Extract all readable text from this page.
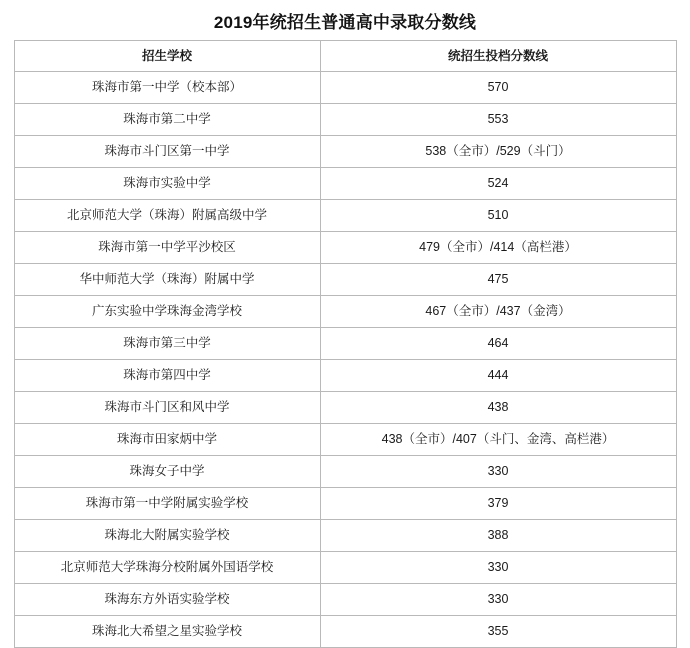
2019年统招生普通高中录取分数线
招生学校	统招生投档分数线
珠海市第一中学（校本部）	570
珠海市第二中学	553
珠海市斗门区第一中学	538（全市）/529（斗门）
珠海市实验中学	524
北京师范大学（珠海）附属高级中学	510
珠海市第一中学平沙校区	479（全市）/414（高栏港）
华中师范大学（珠海）附属中学	475
广东实验中学珠海金湾学校	467（全市）/437（金湾）
珠海市第三中学	464
珠海市第四中学	444
珠海市斗门区和风中学	438
珠海市田家炳中学	438（全市）/407（斗门、金湾、高栏港）
珠海女子中学	330
珠海市第一中学附属实验学校	379
珠海北大附属实验学校	388
北京师范大学珠海分校附属外国语学校	330
珠海东方外语实验学校	330
珠海北大希望之星实验学校	355
